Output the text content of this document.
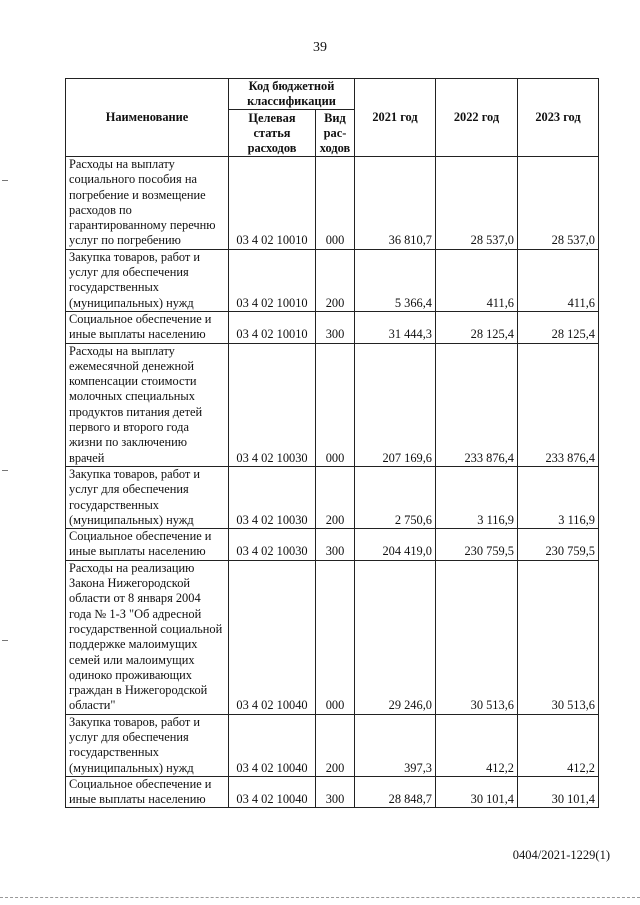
39
Наименование	Код бюджетной классификации		2021 год	2022 год	2023 год
	Целевая статья расходов	Вид рас-ходов			
Расходы на выплату социального пособия на погребение и возмещение расходов по гарантированному перечню услуг по погребению	03 4 02 10010	000	36 810,7	28 537,0	28 537,0
Закупка товаров, работ и услуг для обеспечения государственных (муниципальных) нужд	03 4 02 10010	200	5 366,4	411,6	411,6
Социальное обеспечение и иные выплаты населению	03 4 02 10010	300	31 444,3	28 125,4	28 125,4
Расходы на выплату ежемесячной денежной компенсации стоимости молочных специальных продуктов питания детей первого и второго года жизни по заключению врачей	03 4 02 10030	000	207 169,6	233 876,4	233 876,4
Закупка товаров, работ и услуг для обеспечения государственных (муниципальных) нужд	03 4 02 10030	200	2 750,6	3 116,9	3 116,9
Социальное обеспечение и иные выплаты населению	03 4 02 10030	300	204 419,0	230 759,5	230 759,5
Расходы на реализацию Закона Нижегородской области от 8 января 2004 года № 1-З "Об адресной государственной социальной поддержке малоимущих семей или малоимущих одиноко проживающих граждан в Нижегородской области"	03 4 02 10040	000	29 246,0	30 513,6	30 513,6
Закупка товаров, работ и услуг для обеспечения государственных (муниципальных) нужд	03 4 02 10040	200	397,3	412,2	412,2
Социальное обеспечение и иные выплаты населению	03 4 02 10040	300	28 848,7	30 101,4	30 101,4
0404/2021-1229(1)
